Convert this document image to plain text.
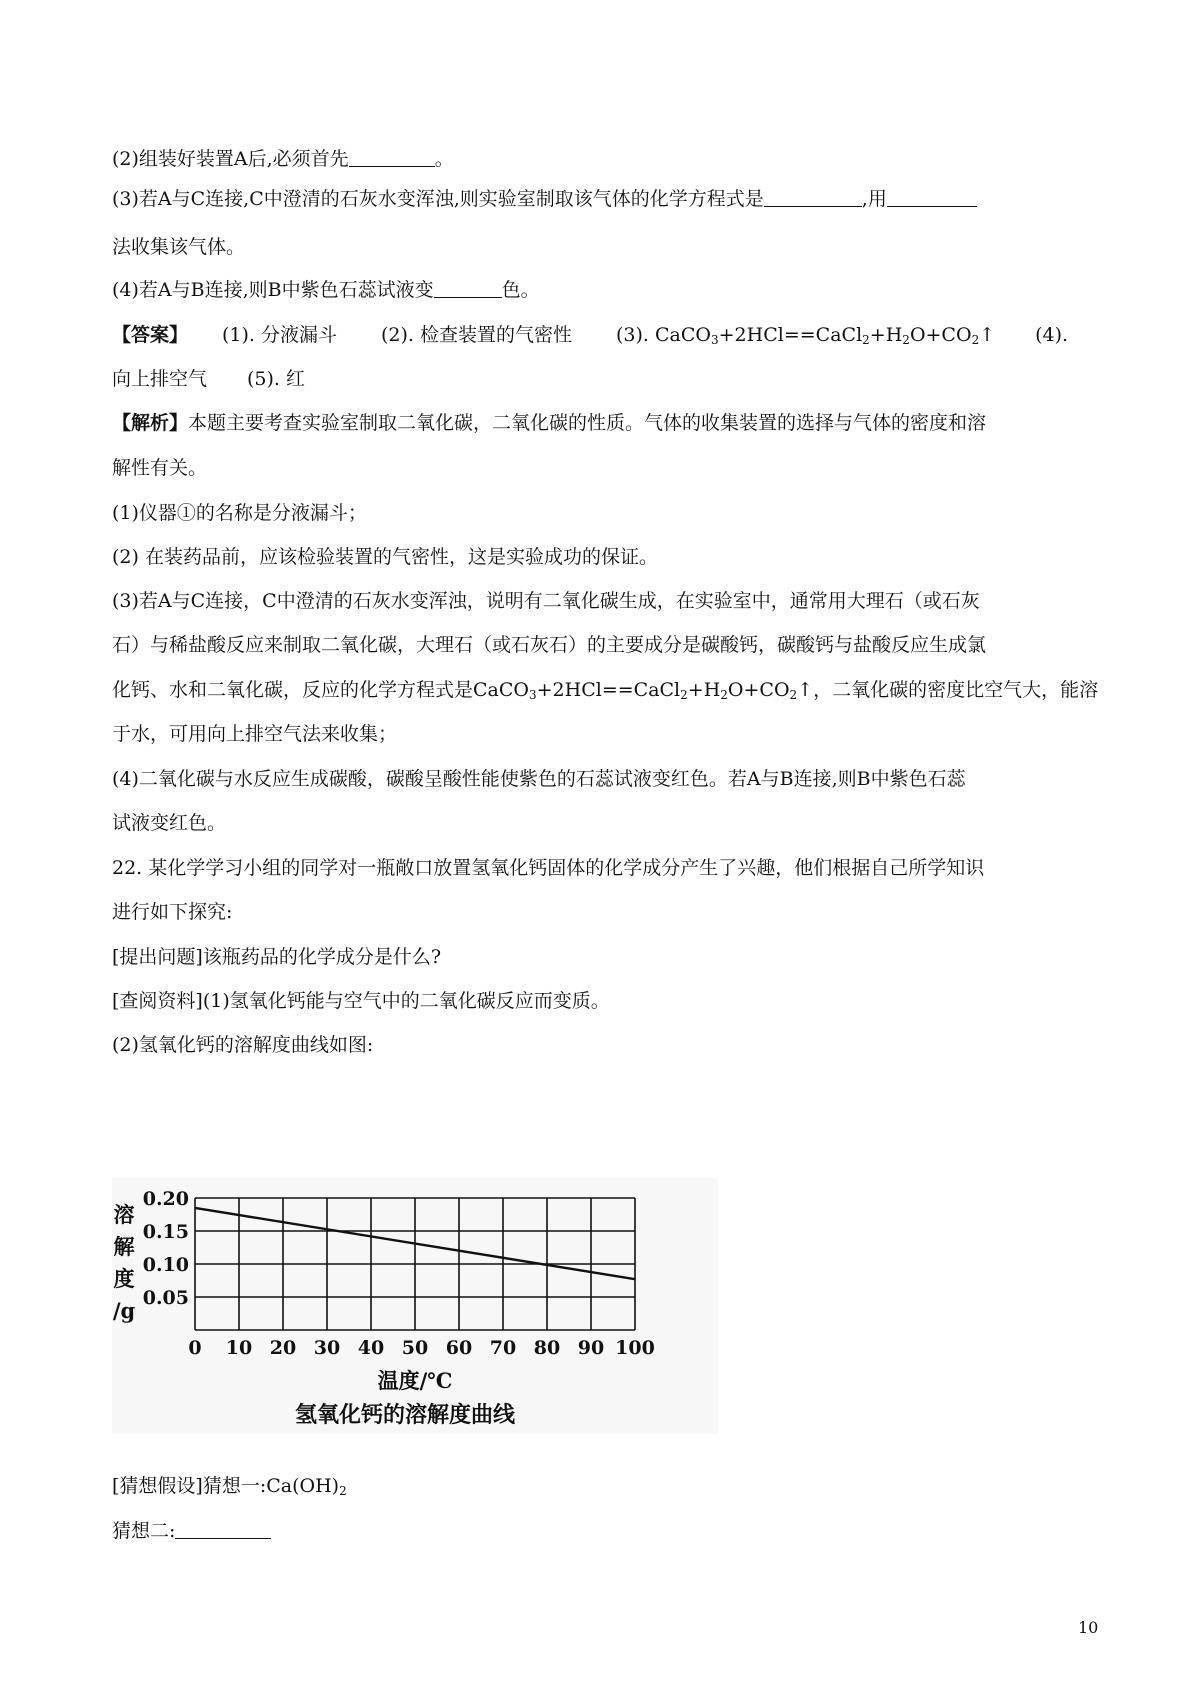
(2)组装好装置A后,必须首先	。
(3)若A与C连接,C中澄清的石灰水变浑浊,则实验室制取该气体的化学方程式是	,用
法收集该气体。
(4)若A与B连接,则B中紫色石蕊试液变	色。
【答案】 (1). 分液漏斗 (2). 检查装置的气密性 (3). $CaCO_3+2HCl==CaCl_2+H_2O+CO_2↑$ (4).
向上排空气 (5). 红
【解析】本题主要考查实验室制取二氧化碳，二氧化碳的性质。气体的收集装置的选择与气体的密度和溶
解性有关。
(1)仪器①的名称是分液漏斗；
(2) 在装药品前，应该检验装置的气密性，这是实验成功的保证。
(3)若A与C连接，C中澄清的石灰水变浑浊，说明有二氧化碳生成，在实验室中，通常用大理石（或石灰
石）与稀盐酸反应来制取二氧化碳，大理石（或石灰石）的主要成分是碳酸钙，碳酸钙与盐酸反应生成氯
化钙、水和二氧化碳，反应的化学方程式是$CaCO_3+2HCl==CaCl_2+H_2O+CO_2↑$，二氧化碳的密度比空气大，能溶
于水，可用向上排空气法来收集；
(4)二氧化碳与水反应生成碳酸，碳酸呈酸性能使紫色的石蕊试液变红色。若A与B连接,则B中紫色石蕊
试液变红色。
22. 某化学学习小组的同学对一瓶敞口放置氢氧化钙固体的化学成分产生了兴趣，他们根据自己所学知识
进行如下探究:
[提出问题]该瓶药品的化学成分是什么?
[查阅资料](1)氢氧化钙能与空气中的二氧化碳反应而变质。
(2)氢氧化钙的溶解度曲线如图:
0 10 20 30 40 50 60 70 80 90 100
0.05
0.10
0.15
0.20
溶
解
度
/g
温度/℃
氢氧化钙的溶解度曲线
[猜想假设]猜想一$:Ca(OH)_2$
猜想二:
10
